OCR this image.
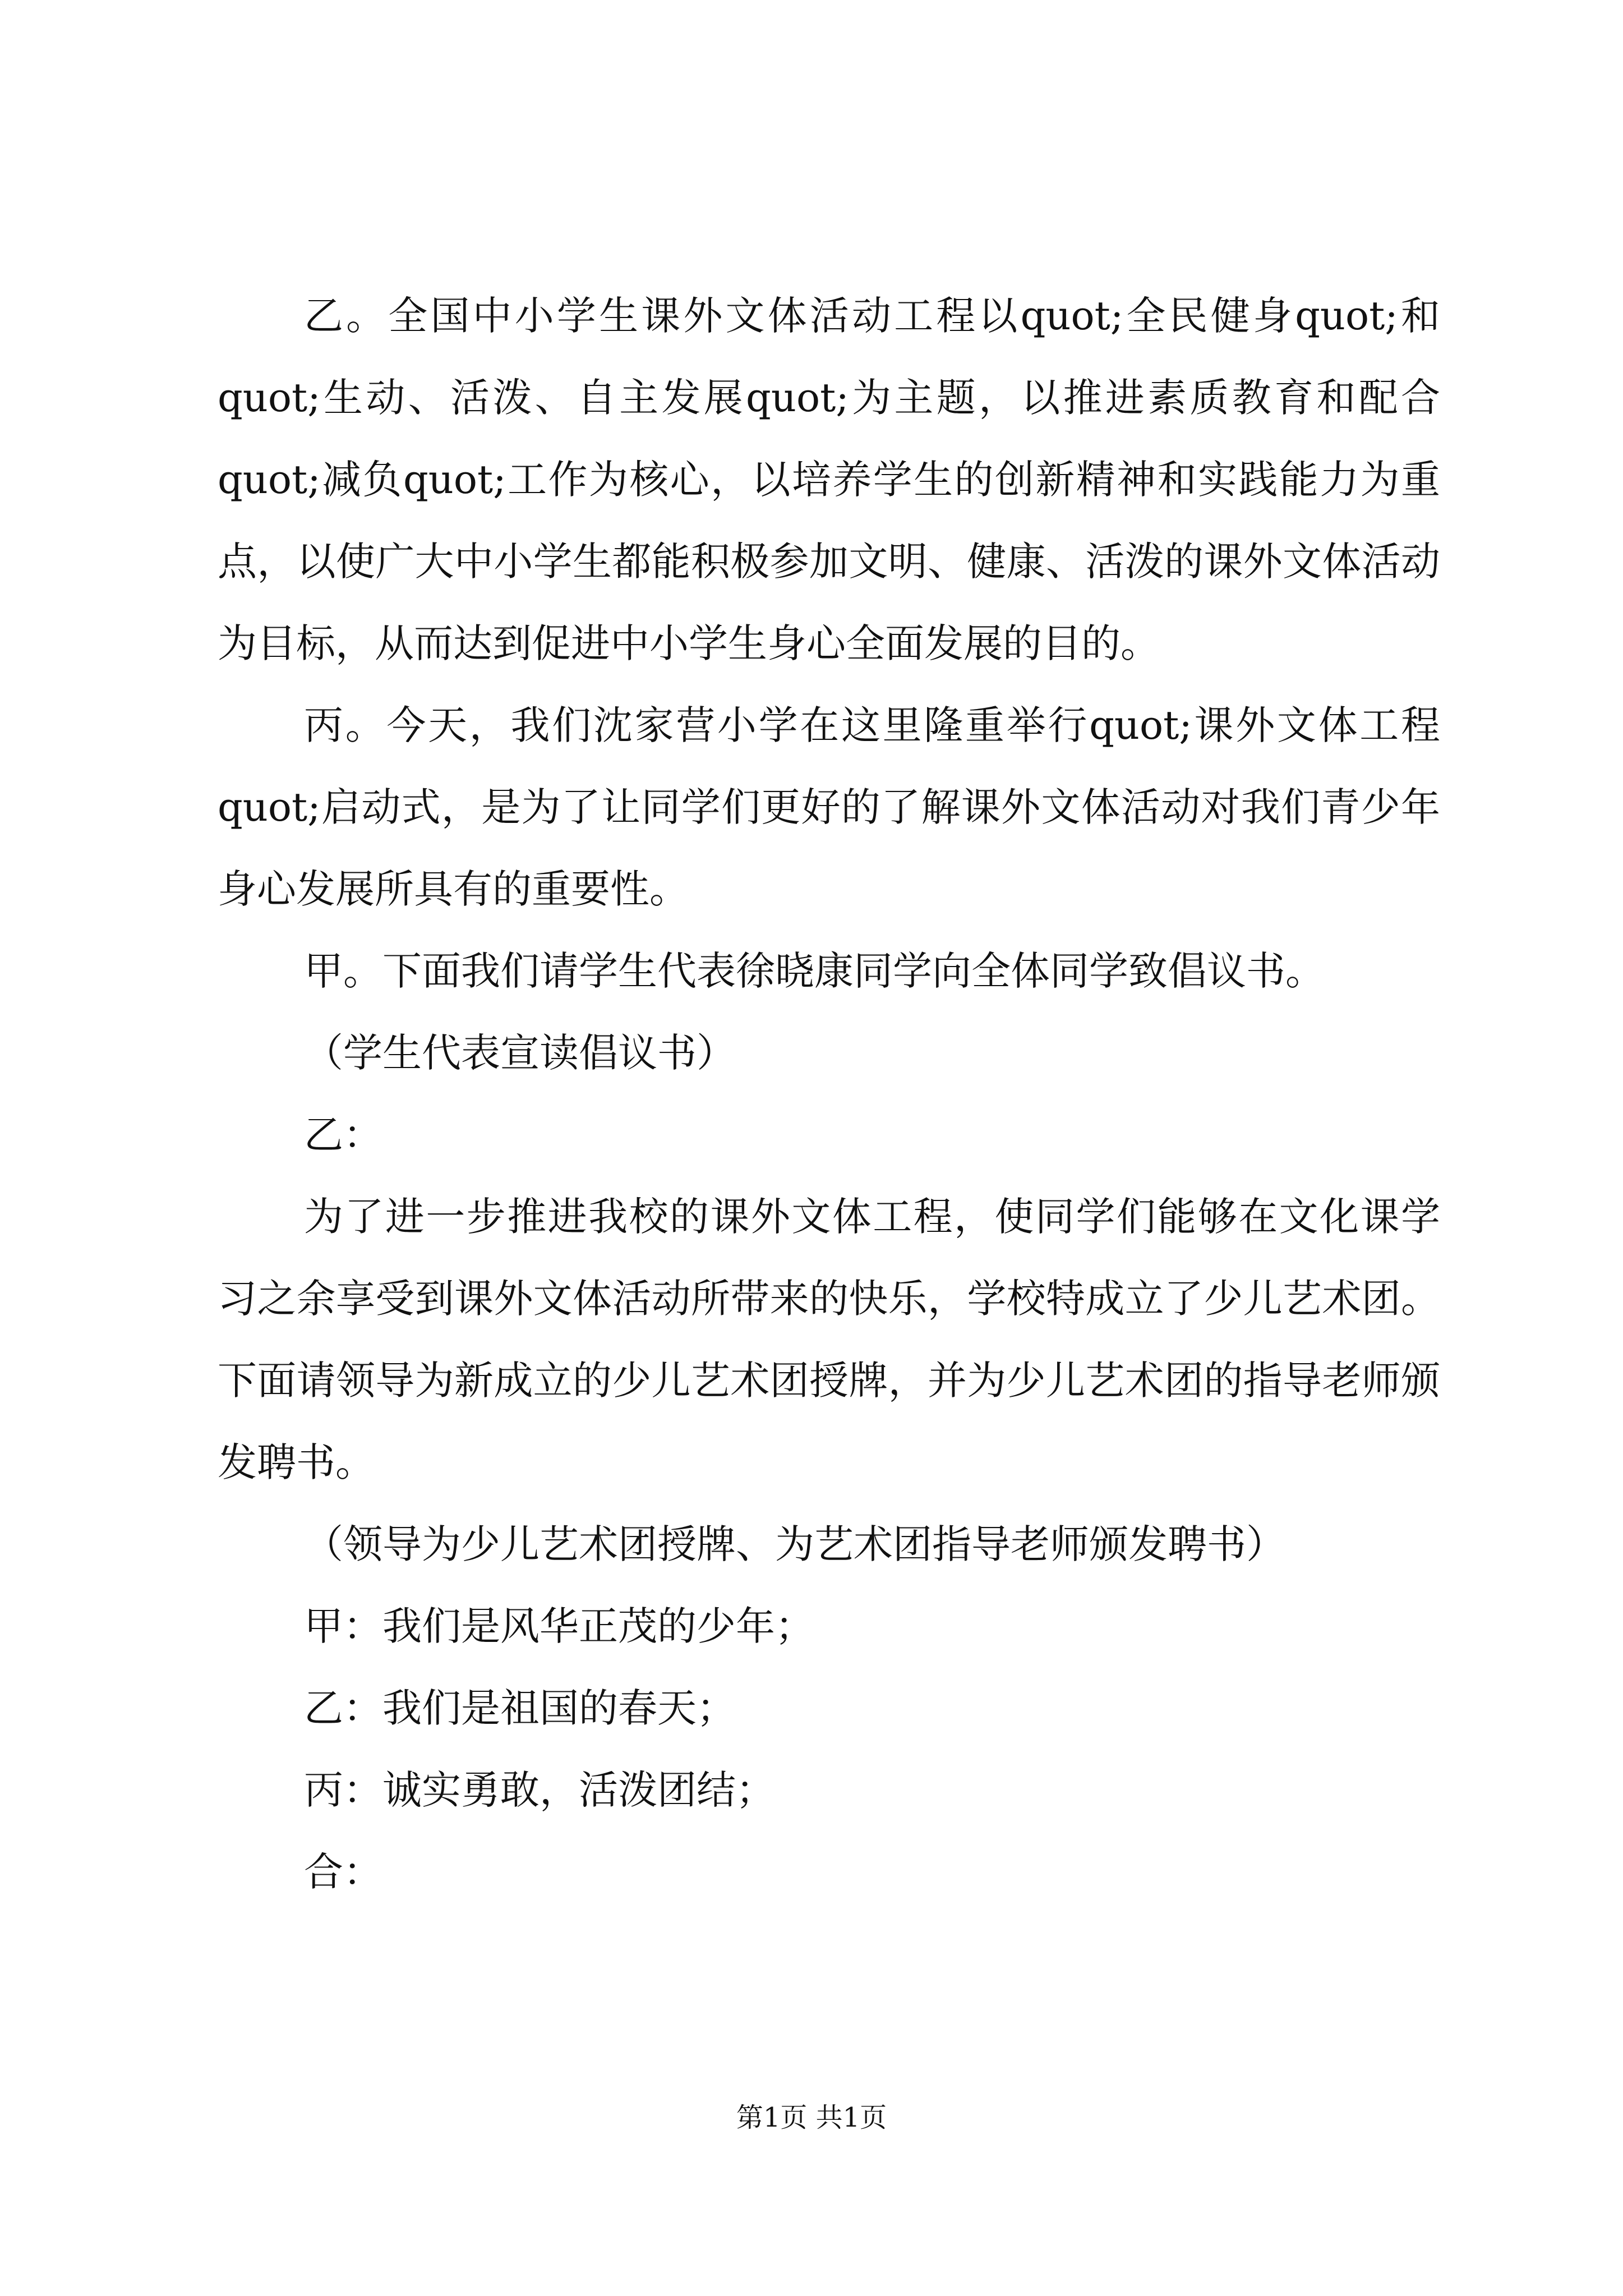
乙。全国中小学生课外文体活动工程以quot;全民健身quot;和quot;生动、活泼、自主发展quot;为主题，以推进素质教育和配合quot;减负quot;工作为核心，以培养学生的创新精神和实践能力为重点，以使广大中小学生都能积极参加文明、健康、活泼的课外文体活动为目标，从而达到促进中小学生身心全面发展的目的。

丙。今天，我们沈家营小学在这里隆重举行quot;课外文体工程quot;启动式，是为了让同学们更好的了解课外文体活动对我们青少年身心发展所具有的重要性。

甲。下面我们请学生代表徐晓康同学向全体同学致倡议书。

（学生代表宣读倡议书）

乙：

为了进一步推进我校的课外文体工程，使同学们能够在文化课学习之余享受到课外文体活动所带来的快乐，学校特成立了少儿艺术团。下面请领导为新成立的少儿艺术团授牌，并为少儿艺术团的指导老师颁发聘书。

（领导为少儿艺术团授牌、为艺术团指导老师颁发聘书）

甲：我们是风华正茂的少年；

乙：我们是祖国的春天；

丙：诚实勇敢，活泼团结；

合：

第1页 共1页
